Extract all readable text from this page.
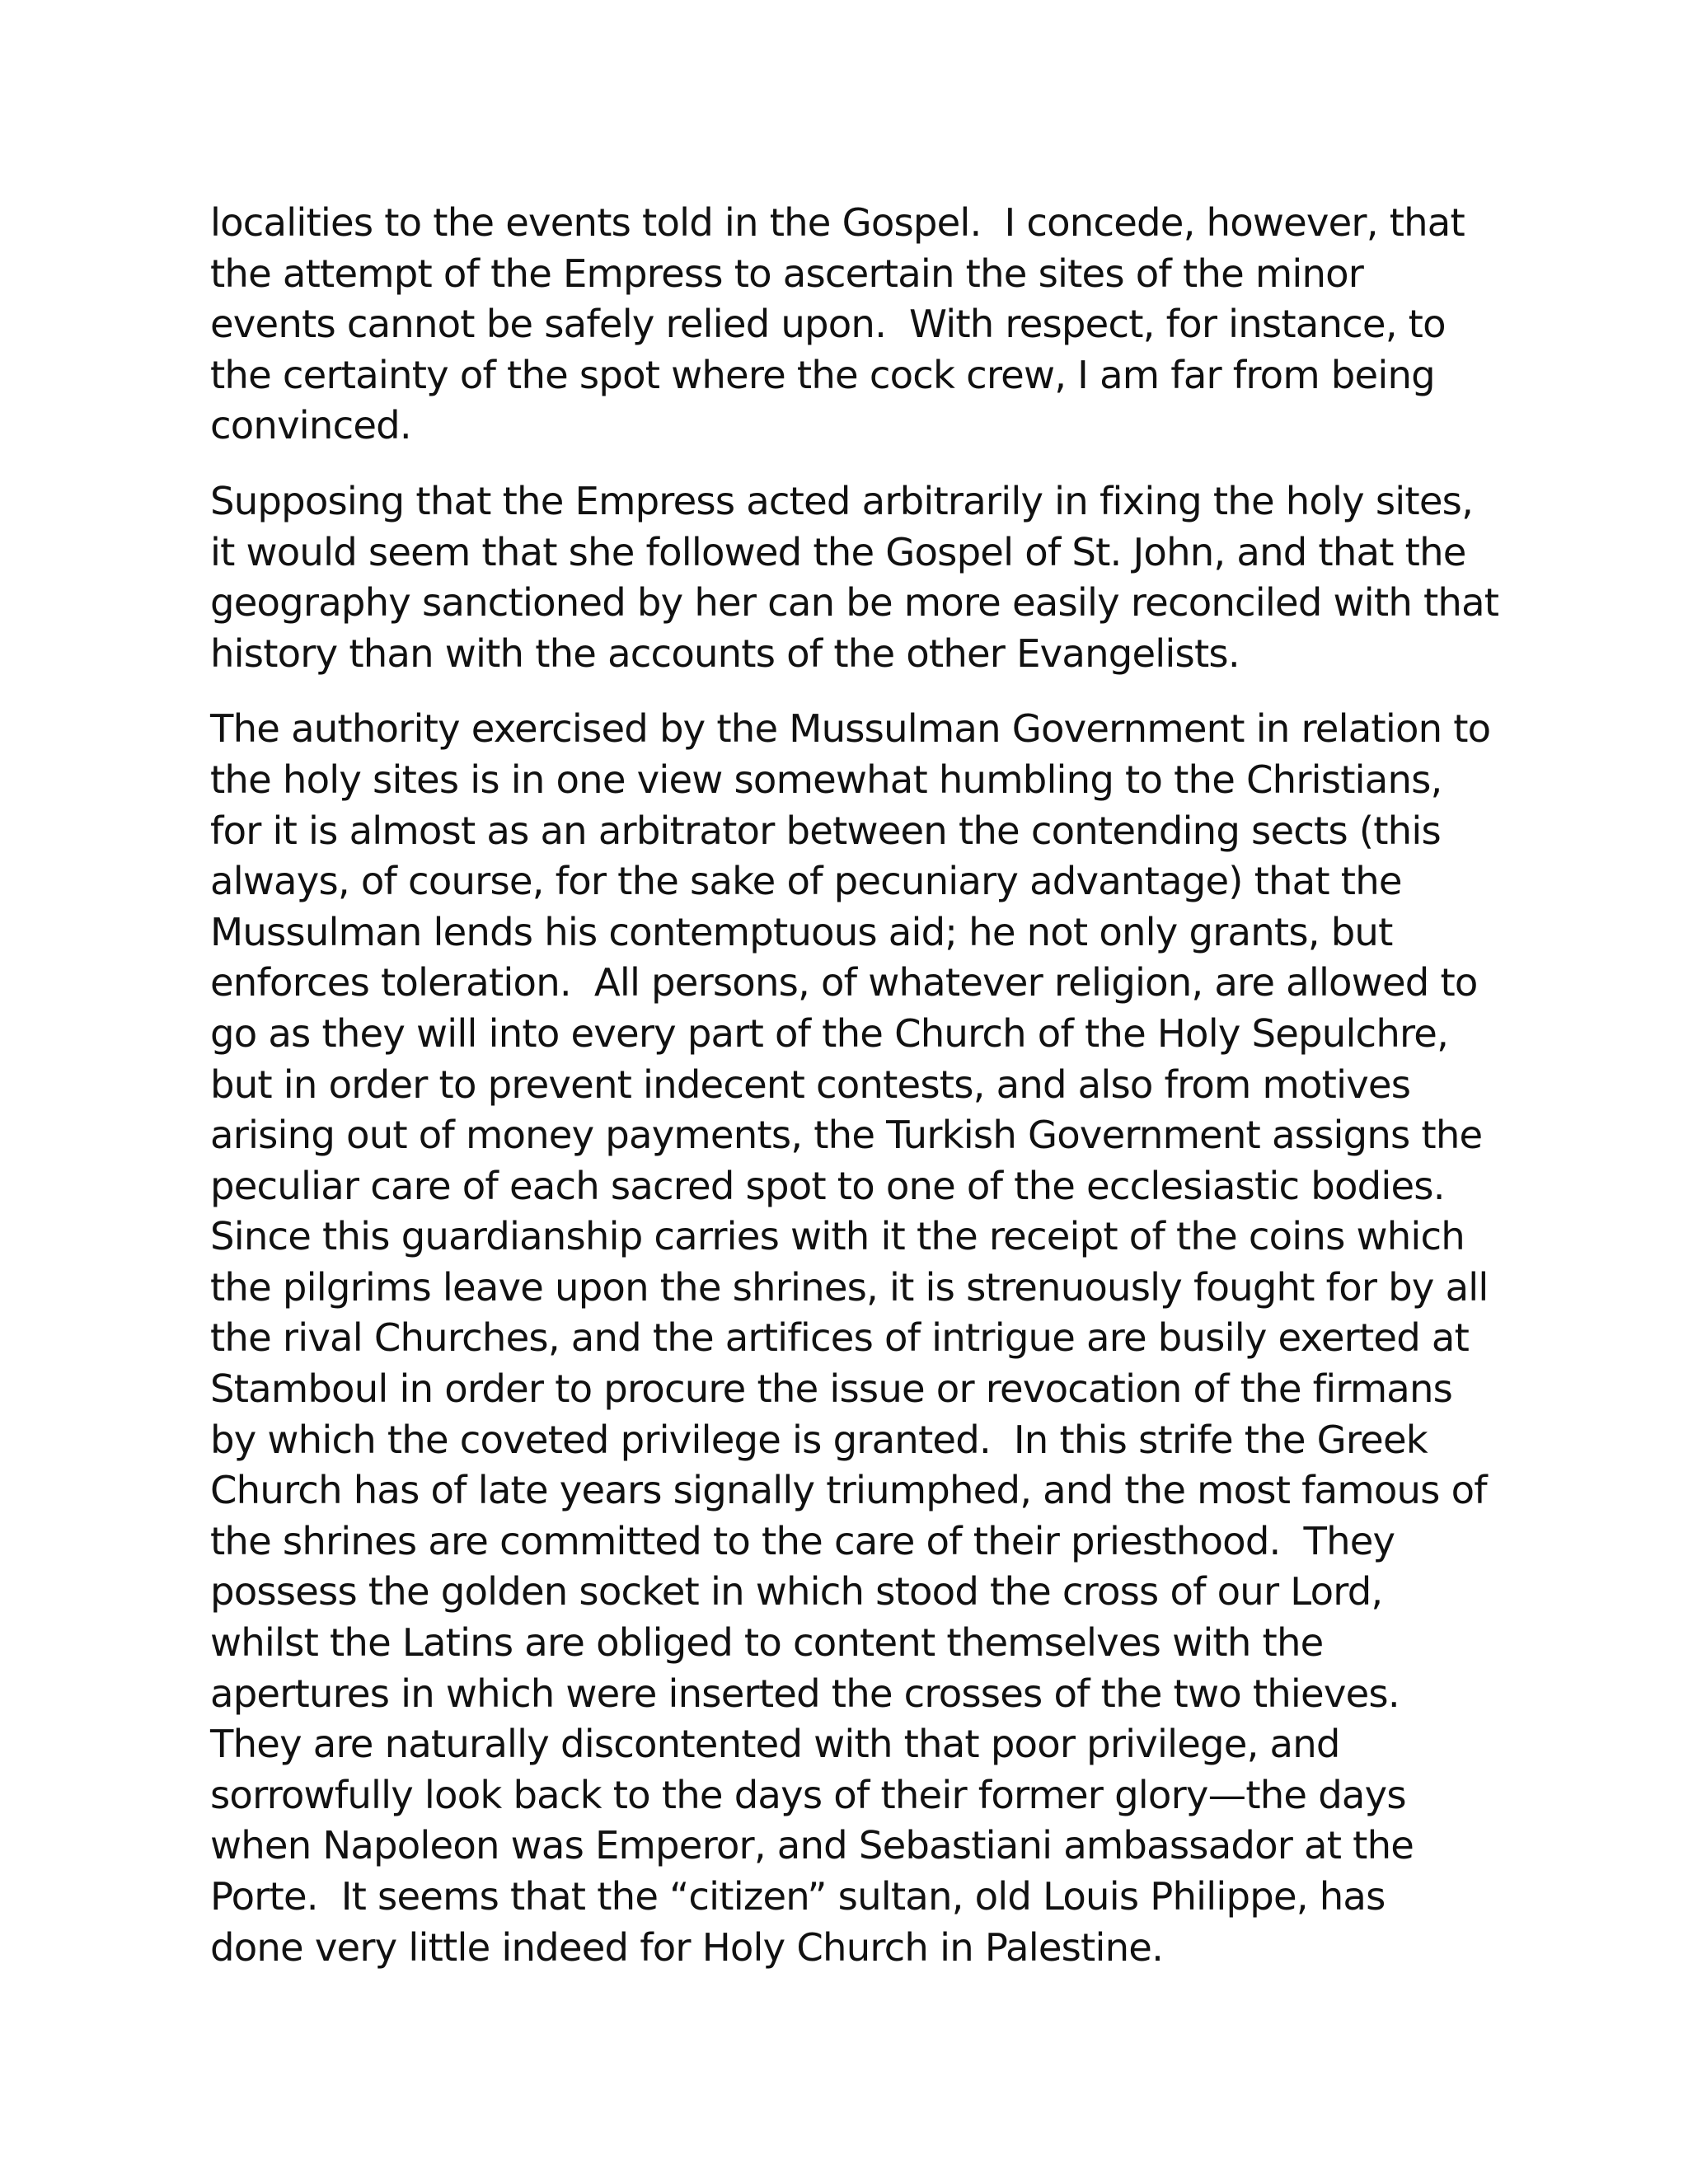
localities to the events told in the Gospel.  I concede, however, that
the attempt of the Empress to ascertain the sites of the minor
events cannot be safely relied upon.  With respect, for instance, to
the certainty of the spot where the cock crew, I am far from being
convinced.
Supposing that the Empress acted arbitrarily in fixing the holy sites,
it would seem that she followed the Gospel of St. John, and that the
geography sanctioned by her can be more easily reconciled with that
history than with the accounts of the other Evangelists.
The authority exercised by the Mussulman Government in relation to
the holy sites is in one view somewhat humbling to the Christians,
for it is almost as an arbitrator between the contending sects (this
always, of course, for the sake of pecuniary advantage) that the
Mussulman lends his contemptuous aid; he not only grants, but
enforces toleration.  All persons, of whatever religion, are allowed to
go as they will into every part of the Church of the Holy Sepulchre,
but in order to prevent indecent contests, and also from motives
arising out of money payments, the Turkish Government assigns the
peculiar care of each sacred spot to one of the ecclesiastic bodies.
Since this guardianship carries with it the receipt of the coins which
the pilgrims leave upon the shrines, it is strenuously fought for by all
the rival Churches, and the artifices of intrigue are busily exerted at
Stamboul in order to procure the issue or revocation of the firmans
by which the coveted privilege is granted.  In this strife the Greek
Church has of late years signally triumphed, and the most famous of
the shrines are committed to the care of their priesthood.  They
possess the golden socket in which stood the cross of our Lord,
whilst the Latins are obliged to content themselves with the
apertures in which were inserted the crosses of the two thieves.
They are naturally discontented with that poor privilege, and
sorrowfully look back to the days of their former glory—the days
when Napoleon was Emperor, and Sebastiani ambassador at the
Porte.  It seems that the “citizen” sultan, old Louis Philippe, has
done very little indeed for Holy Church in Palestine.
